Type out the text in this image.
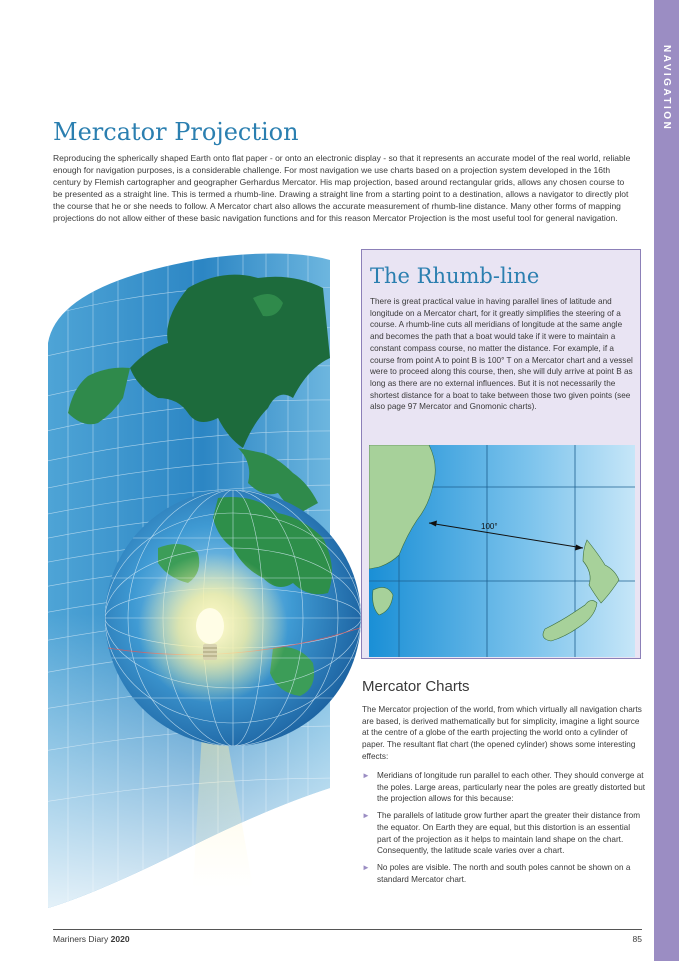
NAVIGATION
Mercator Projection

Reproducing the spherically shaped Earth onto flat paper - or onto an electronic display - so that it represents an accurate model of the real world, reliable enough for navigation purposes, is a considerable challenge. For most navigation we use charts based on a projection system developed in the 16th century by Flemish cartographer and geographer Gerhardus Mercator. His map projection, based around rectangular grids, allows any chosen course to be presented as a straight line. This is termed a rhumb-line. Drawing a straight line from a starting point to a destination, allows a navigator to directly plot the course that he or she needs to follow. A Mercator chart also allows the accurate measurement of rhumb-line distance. Many other forms of mapping projections do not allow either of these basic navigation functions and for this reason Mercator Projection is the most useful tool for general navigation.

The Rhumb-line

There is great practical value in having parallel lines of latitude and longitude on a Mercator chart, for it greatly simplifies the steering of a course. A rhumb-line cuts all meridians of longitude at the same angle and becomes the path that a boat would take if it were to maintain a constant compass course, no matter the distance. For example, if a course from point A to point B is 100° T on a Mercator chart and a vessel were to proceed along this course, then, she will duly arrive at point B as long as there are no external influences. But it is not necessarily the shortest distance for a boat to take between those two given points (see also page 97 Mercator and Gnomonic charts).

100°
Mercator Charts

The Mercator projection of the world, from which virtually all navigation charts are based, is derived mathematically but for simplicity, imagine a light source at the centre of a globe of the earth projecting the world onto a cylinder of paper. The resultant flat chart (the opened cylinder) shows some interesting effects:

► Meridians of longitude run parallel to each other. They should converge at the poles. Large areas, particularly near the poles are greatly distorted but the projection allows for this because:
► The parallels of latitude grow further apart the greater their distance from the equator. On Earth they are equal, but this distortion is an essential part of the projection as it helps to maintain land shape on the chart. Consequently, the latitude scale varies over a chart.
► No poles are visible. The north and south poles cannot be shown on a standard Mercator chart.
Mariners Diary 2020	85
